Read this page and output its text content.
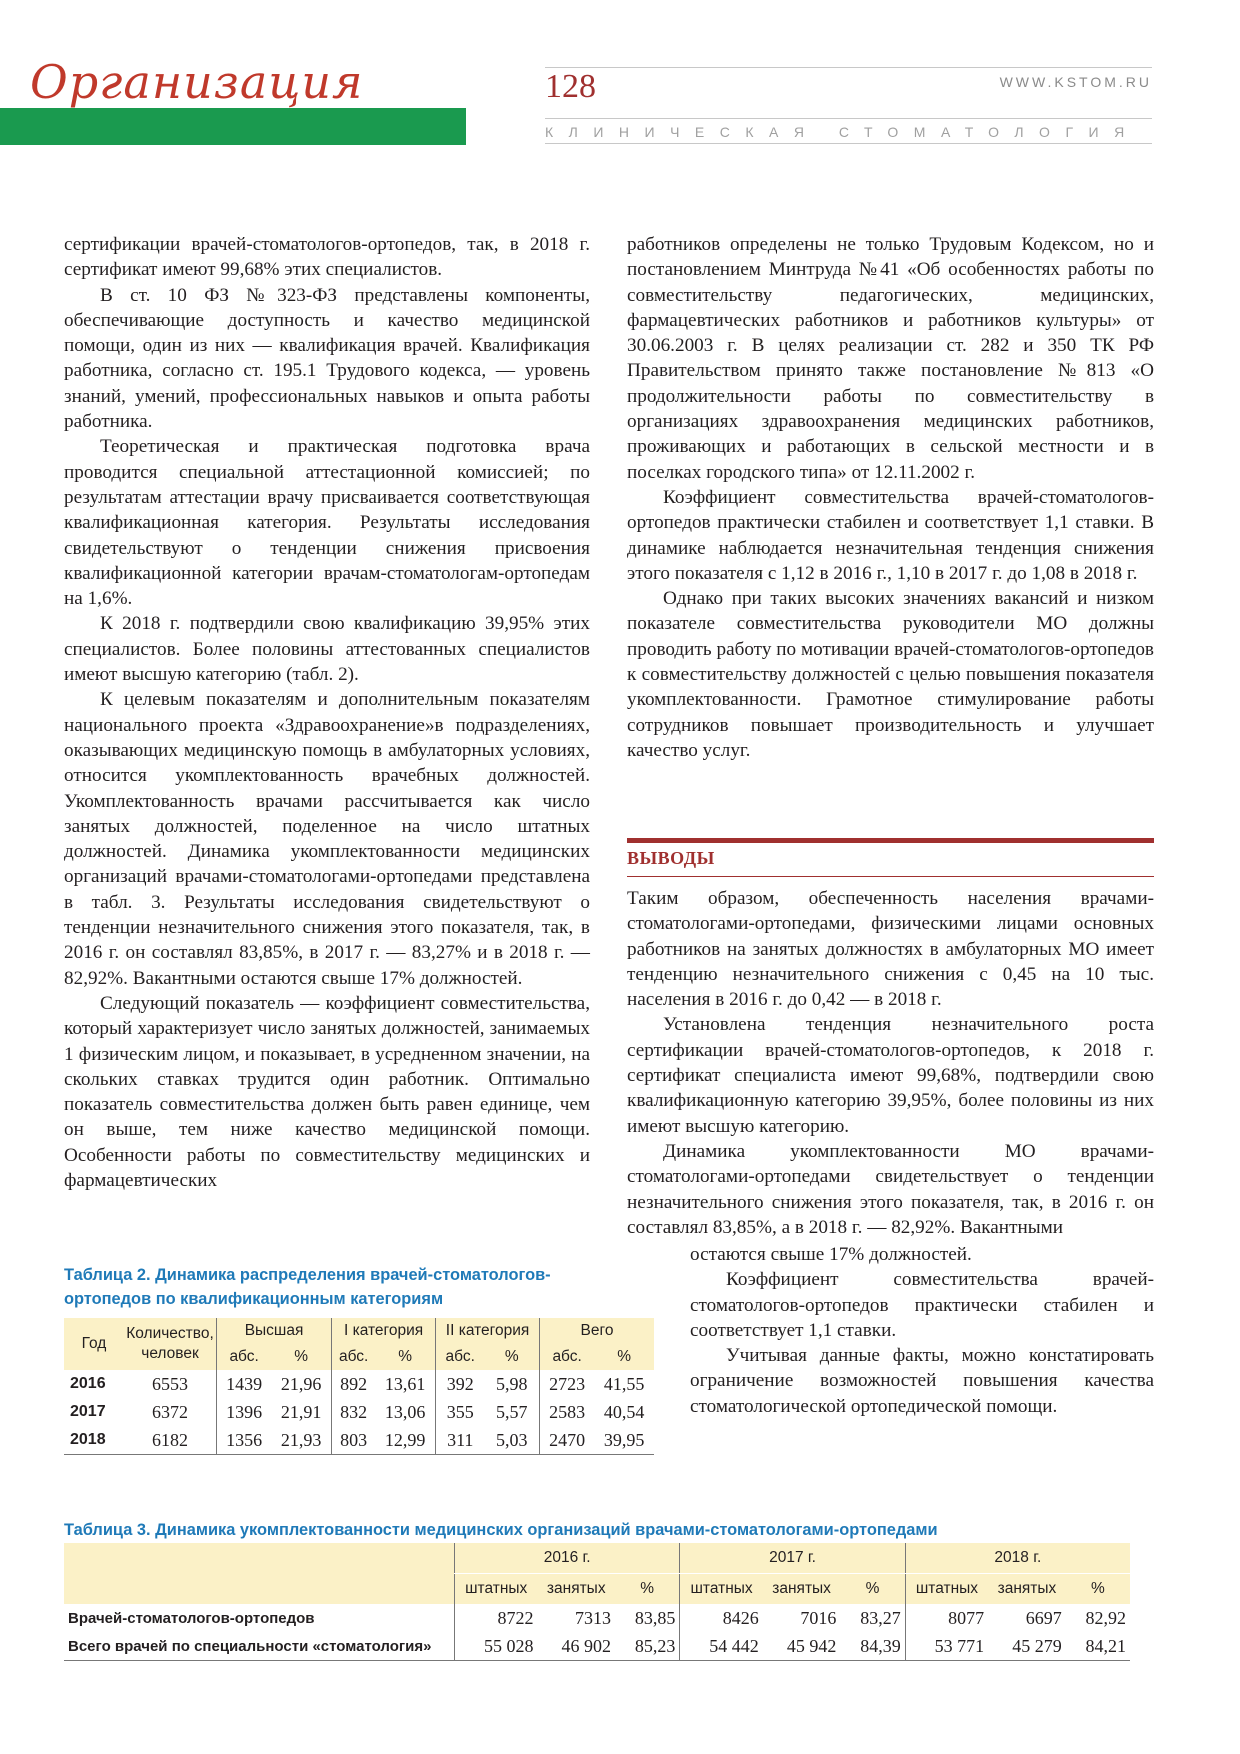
Организация	128	WWW.KSTOM.RU
КЛИНИЧЕСКАЯ СТОМАТОЛОГИЯ

сертификации врачей-стоматологов-ортопедов, так, в 2018 г. сертификат имеют 99,68% этих специалистов.

В ст. 10 ФЗ №323-ФЗ представлены компоненты, обеспечивающие доступность и качество медицинской помощи, один из них — квалификация врачей. Квалификация работника, согласно ст. 195.1 Трудового кодекса, — уровень знаний, умений, профессиональных навыков и опыта работы работника.

Теоретическая и практическая подготовка врача проводится специальной аттестационной комиссией; по результатам аттестации врачу присваивается соответствующая квалификационная категория. Результаты исследования свидетельствуют о тенденции снижения присвоения квалификационной категории врачам-стоматологам-ортопедам на 1,6%.

К 2018 г. подтвердили свою квалификацию 39,95% этих специалистов. Более половины аттестованных специалистов имеют высшую категорию (табл. 2).

К целевым показателям и дополнительным показателям национального проекта «Здравоохранение»в подразделениях, оказывающих медицинскую помощь в амбулаторных условиях, относится укомплектованность врачебных должностей. Укомплектованность врачами рассчитывается как число занятых должностей, поделенное на число штатных должностей. Динамика укомплектованности медицинских организаций врачами-стоматологами-ортопедами представлена в табл. 3. Результаты исследования свидетельствуют о тенденции незначительного снижения этого показателя, так, в 2016 г. он составлял 83,85%, в 2017 г. — 83,27% и в 2018 г. — 82,92%. Вакантными остаются свыше 17% должностей.

Следующий показатель — коэффициент совместительства, который характеризует число занятых должностей, занимаемых 1 физическим лицом, и показывает, в усредненном значении, на скольких ставках трудится один работник. Оптимально показатель совместительства должен быть равен единице, чем он выше, тем ниже качество медицинской помощи. Особенности работы по совместительству медицинских и фармацевтических

работников определены не только Трудовым Кодексом, но и постановлением Минтруда №41 «Об особенностях работы по совместительству педагогических, медицинских, фармацевтических работников и работников культуры» от 30.06.2003 г. В целях реализации ст. 282 и 350 ТК РФ Правительством принято также постановление №813 «О продолжительности работы по совместительству в организациях здравоохранения медицинских работников, проживающих и работающих в сельской местности и в поселках городского типа» от 12.11.2002 г.

Коэффициент совместительства врачей-стоматологов-ортопедов практически стабилен и соответствует 1,1 ставки. В динамике наблюдается незначительная тенденция снижения этого показателя с 1,12 в 2016 г., 1,10 в 2017 г. до 1,08 в 2018 г.

Однако при таких высоких значениях вакансий и низком показателе совместительства руководители МО должны проводить работу по мотивации врачей-стоматологов-ортопедов к совместительству должностей с целью повышения показателя укомплектованности. Грамотное стимулирование работы сотрудников повышает производительность и улучшает качество услуг.

ВЫВОДЫ

Таким образом, обеспеченность населения врачами-стоматологами-ортопедами, физическими лицами основных работников на занятых должностях в амбулаторных МО имеет тенденцию незначительного снижения с 0,45 на 10 тыс. населения в 2016 г. до 0,42 — в 2018 г.

Установлена тенденция незначительного роста сертификации врачей-стоматологов-ортопедов, к 2018 г. сертификат специалиста имеют 99,68%, подтвердили свою квалификационную категорию 39,95%, более половины из них имеют высшую категорию.

Динамика укомплектованности МО врачами-стоматологами-ортопедами свидетельствует о тенденции незначительного снижения этого показателя, так, в 2016 г. он составлял 83,85%, а в 2018 г. — 82,92%. Вакантными

остаются свыше 17% должностей.

Коэффициент совместительства врачей-стоматологов-ортопедов практически стабилен и соответствует 1,1 ставки.

Учитывая данные факты, можно констатировать ограничение возможностей повышения качества стоматологической ортопедической помощи.

Таблица 2. Динамика распределения врачей-стоматологов-ортопедов по квалификационным категориям
Год	Количество, человек	Высшая		I категория		II категория		Вего	
		абс.	%	абс.	%	абс.	%	абс.	%
2016	6553	1439	21,96	892	13,61	392	5,98	2723	41,55
2017	6372	1396	21,91	832	13,06	355	5,57	2583	40,54
2018	6182	1356	21,93	803	12,99	311	5,03	2470	39,95
Таблица 3. Динамика укомплектованности медицинских организаций врачами-стоматологами-ортопедами
	2016 г.			2017 г.			2018 г.		
	штатных	занятых	%	штатных	занятых	%	штатных	занятых	%
Врачей-стоматологов-ортопедов	8722	7313	83,85	8426	7016	83,27	8077	6697	82,92
Всего врачей по специальности «стоматология»	55 028	46 902	85,23	54 442	45 942	84,39	53 771	45 279	84,21
